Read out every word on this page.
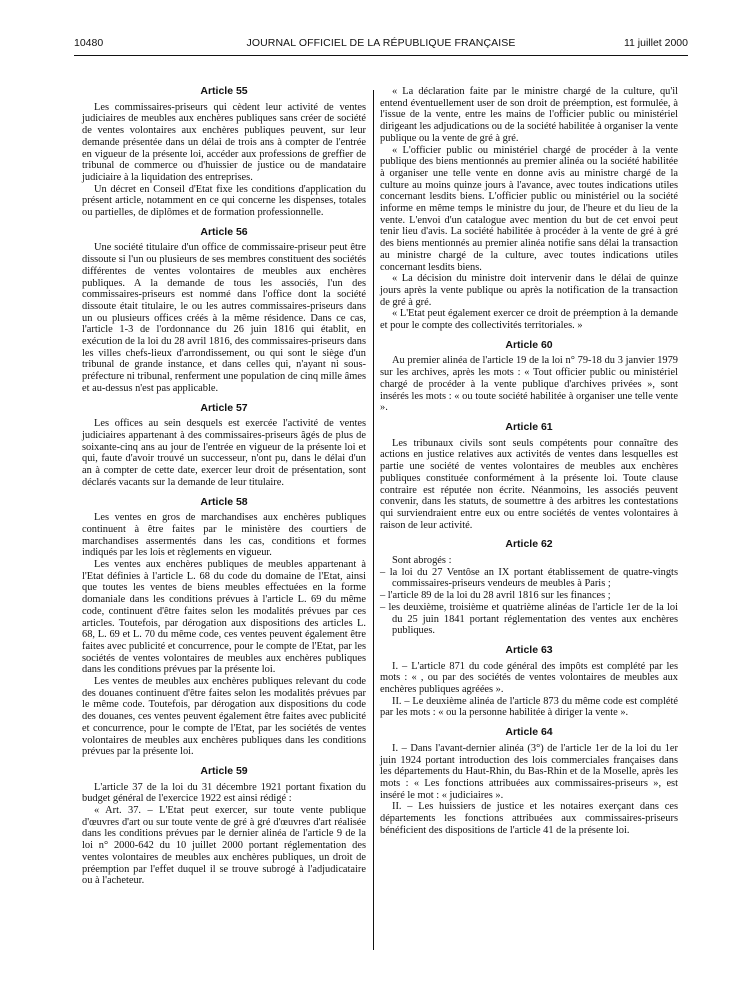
10480	JOURNAL OFFICIEL DE LA RÉPUBLIQUE FRANÇAISE	11 juillet 2000
Article 55

Les commissaires-priseurs qui cèdent leur activité de ventes judiciaires de meubles aux enchères publiques sans créer de société de ventes volontaires aux enchères publiques peuvent, sur leur demande présentée dans un délai de trois ans à compter de l'entrée en vigueur de la présente loi, accéder aux professions de greffier de tribunal de commerce ou d'huissier de justice ou de mandataire judiciaire à la liquidation des entreprises.

Un décret en Conseil d'Etat fixe les conditions d'application du présent article, notamment en ce qui concerne les dispenses, totales ou partielles, de diplômes et de formation professionnelle.

Article 56

Une société titulaire d'un office de commissaire-priseur peut être dissoute si l'un ou plusieurs de ses membres constituent des sociétés différentes de ventes volontaires de meubles aux enchères publiques. A la demande de tous les associés, l'un des commissaires-priseurs est nommé dans l'office dont la société dissoute était titulaire, le ou les autres commissaires-priseurs dans un ou plusieurs offices créés à la même résidence. Dans ce cas, l'article 1-3 de l'ordonnance du 26 juin 1816 qui établit, en exécution de la loi du 28 avril 1816, des commissaires-priseurs dans les villes chefs-lieux d'arrondissement, ou qui sont le siège d'un tribunal de grande instance, et dans celles qui, n'ayant ni sous-préfecture ni tribunal, renferment une population de cinq mille âmes et au-dessus n'est pas applicable.

Article 57

Les offices au sein desquels est exercée l'activité de ventes judiciaires appartenant à des commissaires-priseurs âgés de plus de soixante-cinq ans au jour de l'entrée en vigueur de la présente loi et qui, faute d'avoir trouvé un successeur, n'ont pu, dans le délai d'un an à compter de cette date, exercer leur droit de présentation, sont déclarés vacants sur la demande de leur titulaire.

Article 58

Les ventes en gros de marchandises aux enchères publiques continuent à être faites par le ministère des courtiers de marchandises assermentés dans les cas, conditions et formes indiqués par les lois et règlements en vigueur.

Les ventes aux enchères publiques de meubles appartenant à l'Etat définies à l'article L. 68 du code du domaine de l'Etat, ainsi que toutes les ventes de biens meubles effectuées en la forme domaniale dans les conditions prévues à l'article L. 69 du même code, continuent d'être faites selon les modalités prévues par ces articles. Toutefois, par dérogation aux dispositions des articles L. 68, L. 69 et L. 70 du même code, ces ventes peuvent également être faites avec publicité et concurrence, pour le compte de l'Etat, par les sociétés de ventes volontaires de meubles aux enchères publiques dans les conditions prévues par la présente loi.

Les ventes de meubles aux enchères publiques relevant du code des douanes continuent d'être faites selon les modalités prévues par le même code. Toutefois, par dérogation aux dispositions du code des douanes, ces ventes peuvent également être faites avec publicité et concurrence, pour le compte de l'Etat, par les sociétés de ventes volontaires de meubles aux enchères publiques dans les conditions prévues par la présente loi.

Article 59

L'article 37 de la loi du 31 décembre 1921 portant fixation du budget général de l'exercice 1922 est ainsi rédigé :

« Art. 37. – L'Etat peut exercer, sur toute vente publique d'œuvres d'art ou sur toute vente de gré à gré d'œuvres d'art réalisée dans les conditions prévues par le dernier alinéa de l'article 9 de la loi n° 2000-642 du 10 juillet 2000 portant réglementation des ventes volontaires de meubles aux enchères publiques, un droit de préemption par l'effet duquel il se trouve subrogé à l'adjudicataire ou à l'acheteur.

« La déclaration faite par le ministre chargé de la culture, qu'il entend éventuellement user de son droit de préemption, est formulée, à l'issue de la vente, entre les mains de l'officier public ou ministériel dirigeant les adjudications ou de la société habilitée à organiser la vente publique ou la vente de gré à gré.

« L'officier public ou ministériel chargé de procéder à la vente publique des biens mentionnés au premier alinéa ou la société habilitée à organiser une telle vente en donne avis au ministre chargé de la culture au moins quinze jours à l'avance, avec toutes indications utiles concernant lesdits biens. L'officier public ou ministériel ou la société informe en même temps le ministre du jour, de l'heure et du lieu de la vente. L'envoi d'un catalogue avec mention du but de cet envoi peut tenir lieu d'avis. La société habilitée à procéder à la vente de gré à gré des biens mentionnés au premier alinéa notifie sans délai la transaction au ministre chargé de la culture, avec toutes indications utiles concernant lesdits biens.

« La décision du ministre doit intervenir dans le délai de quinze jours après la vente publique ou après la notification de la transaction de gré à gré.

« L'Etat peut également exercer ce droit de préemption à la demande et pour le compte des collectivités territoriales. »

Article 60

Au premier alinéa de l'article 19 de la loi n° 79-18 du 3 janvier 1979 sur les archives, après les mots : « Tout officier public ou ministériel chargé de procéder à la vente publique d'archives privées », sont insérés les mots : « ou toute société habilitée à organiser une telle vente ».

Article 61

Les tribunaux civils sont seuls compétents pour connaître des actions en justice relatives aux activités de ventes dans lesquelles est partie une société de ventes volontaires de meubles aux enchères publiques constituée conformément à la présente loi. Toute clause contraire est réputée non écrite. Néanmoins, les associés peuvent convenir, dans les statuts, de soumettre à des arbitres les contestations qui surviendraient entre eux ou entre sociétés de ventes volontaires à raison de leur activité.

Article 62

Sont abrogés :

– la loi du 27 Ventôse an IX portant établissement de quatre-vingts commissaires-priseurs vendeurs de meubles à Paris ;
– l'article 89 de la loi du 28 avril 1816 sur les finances ;
– les deuxième, troisième et quatrième alinéas de l'article 1er de la loi du 25 juin 1841 portant réglementation des ventes aux enchères publiques.
Article 63

I. – L'article 871 du code général des impôts est complété par les mots : « , ou par des sociétés de ventes volontaires de meubles aux enchères publiques agréées ».

II. – Le deuxième alinéa de l'article 873 du même code est complété par les mots : « ou la personne habilitée à diriger la vente ».

Article 64

I. – Dans l'avant-dernier alinéa (3°) de l'article 1er de la loi du 1er juin 1924 portant introduction des lois commerciales françaises dans les départements du Haut-Rhin, du Bas-Rhin et de la Moselle, après les mots : « Les fonctions attribuées aux commissaires-priseurs », est inséré le mot : « judiciaires ».

II. – Les huissiers de justice et les notaires exerçant dans ces départements les fonctions attribuées aux commissaires-priseurs bénéficient des dispositions de l'article 41 de la présente loi.
